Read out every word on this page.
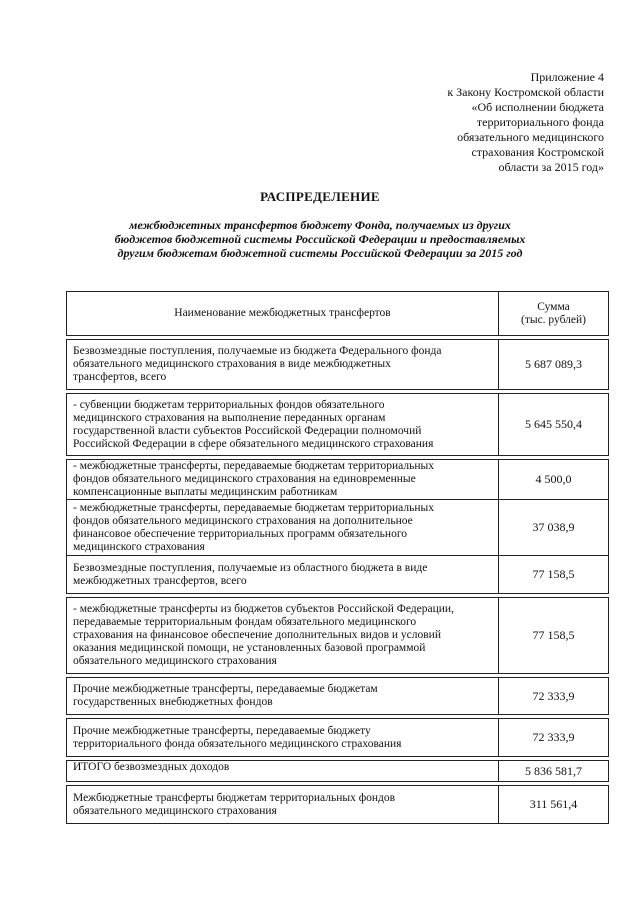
Приложение 4
к Закону Костромской области
«Об исполнении бюджета
территориального фонда
обязательного медицинского
страхования Костромской
области за 2015 год»
РАСПРЕДЕЛЕНИЕ
межбюджетных трансфертов бюджету Фонда, получаемых из других
бюджетов бюджетной системы Российской Федерации и предоставляемых
другим бюджетам бюджетной системы Российской Федерации за 2015 год
Наименование межбюджетных трансфертов	Сумма
(тыс. рублей)

Безвозмездные поступления, получаемые из бюджета Федерального фонда
обязательного медицинского страхования в виде межбюджетных
трансфертов, всего	5 687 089,3

- субвенции бюджетам территориальных фондов обязательного
медицинского страхования на выполнение переданных органам
государственной власти субъектов Российской Федерации полномочий
Российской Федерации в сфере обязательного медицинского страхования	5 645 550,4

- межбюджетные трансферты, передаваемые бюджетам территориальных
фондов обязательного медицинского страхования на единовременные
компенсационные выплаты медицинским работникам	4 500,0

- межбюджетные трансферты, передаваемые бюджетам территориальных
фондов обязательного медицинского страхования на дополнительное
финансовое обеспечение территориальных программ обязательного
медицинского страхования	37 038,9

Безвозмездные поступления, получаемые из областного бюджета в виде
межбюджетных трансфертов, всего	77 158,5

- межбюджетные трансферты из бюджетов субъектов Российской Федерации,
передаваемые территориальным фондам обязательного медицинского
страхования на финансовое обеспечение дополнительных видов и условий
оказания медицинской помощи, не установленных базовой программой
обязательного медицинского страхования	77 158,5

Прочие межбюджетные трансферты, передаваемые бюджетам
государственных внебюджетных фондов	72 333,9

Прочие межбюджетные трансферты, передаваемые бюджету
территориального фонда обязательного медицинского страхования	72 333,9

ИТОГО безвозмездных доходов	5 836 581,7

Межбюджетные трансферты бюджетам территориальных фондов
обязательного медицинского страхования	311 561,4
